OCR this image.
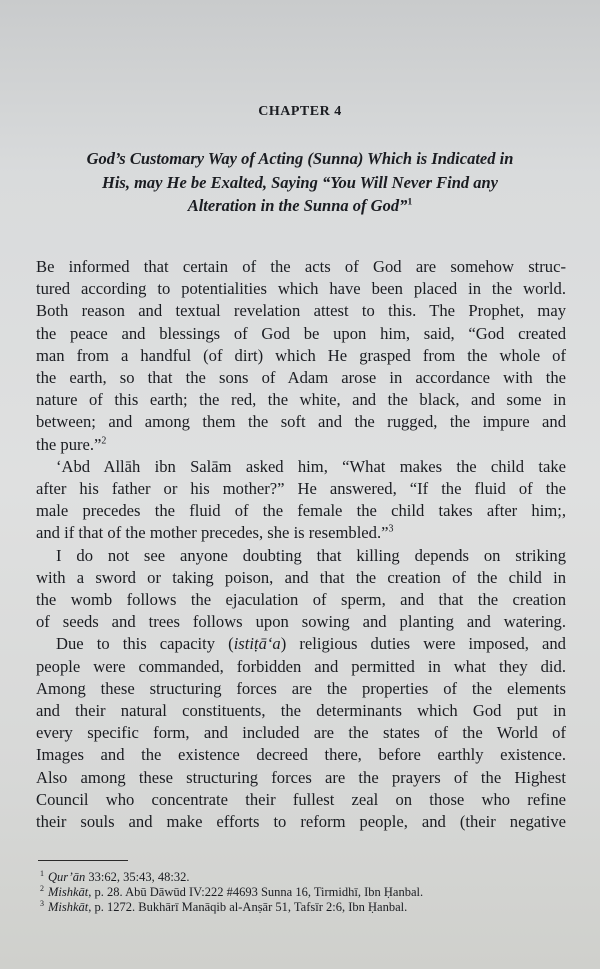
CHAPTER 4
God’s Customary Way of Acting (Sunna) Which is Indicated in
His, may He be Exalted, Saying “You Will Never Find any
Alteration in the Sunna of God”$^1$
Be informed that certain of the acts of God are somehow struc-
tured according to potentialities which have been placed in the world.
Both reason and textual revelation attest to this. The Prophet, may
the peace and blessings of God be upon him, said, “God created
man from a handful (of dirt) which He grasped from the whole of
the earth, so that the sons of Adam arose in accordance with the
nature of this earth; the red, the white, and the black, and some in
between; and among them the soft and the rugged, the impure and
the pure.”$^2$
‘Abd Allāh ibn Salām asked him, “What makes the child take
after his father or his mother?” He answered, “If the fluid of the
male precedes the fluid of the female the child takes after him;,
and if that of the mother precedes, she is resembled.”$^3$
I do not see anyone doubting that killing depends on striking
with a sword or taking poison, and that the creation of the child in
the womb follows the ejaculation of sperm, and that the creation
of seeds and trees follows upon sowing and planting and watering.
Due to this capacity (istiṭā‘a) religious duties were imposed, and
people were commanded, forbidden and permitted in what they did.
Among these structuring forces are the properties of the elements
and their natural constituents, the determinants which God put in
every specific form, and included are the states of the World of
Images and the existence decreed there, before earthly existence.
Also among these structuring forces are the prayers of the Highest
Council who concentrate their fullest zeal on those who refine
their souls and make efforts to reform people, and (their negative
$^1$ Qur’ān 33:62, 35:43, 48:32.
$^2$ Mishkāt, p. 28. Abū Dāwūd IV:222 #4693 Sunna 16, Tirmidhī, Ibn Ḥanbal.
$^3$ Mishkāt, p. 1272. Bukhārī Manāqib al-Anṣār 51, Tafsīr 2:6, Ibn Ḥanbal.
